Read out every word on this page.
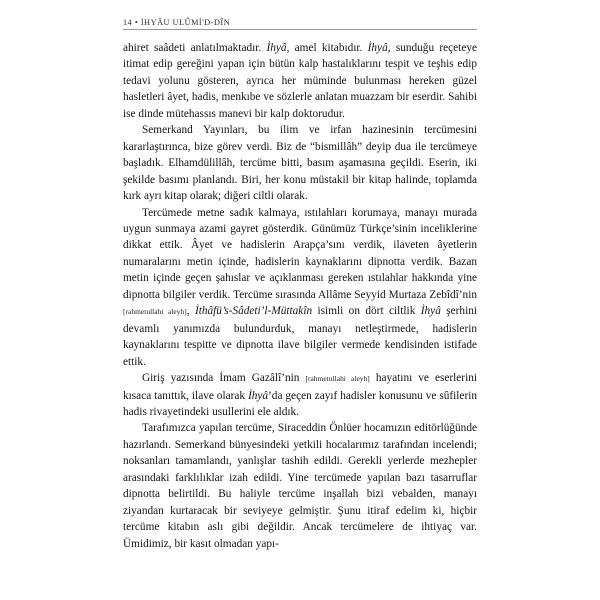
14 • İHYÂU ULÛMİ'D-DÎN

ahiret saâdeti anlatılmaktadır. İhyâ, amel kitabıdır. İhyâ, sunduğu reçeteye itimat edip gereğini yapan için bütün kalp hastalıklarını tespit ve teşhis edip tedavi yolunu gösteren, ayrıca her müminde bulunması hereken güzel hasletleri âyet, hadis, menkıbe ve sözlerle anlatan muazzam bir eserdir. Sahibi ise dinde mütehassıs manevi bir kalp doktorudur.

Semerkand Yayınları, bu ilim ve irfan hazinesinin tercümesini kararlaştırınca, bize görev verdi. Biz de “bismillâh” deyip dua ile tercümeye başladık. Elhamdülillâh, tercüme bitti, basım aşamasına geçildi. Eserin, iki şekilde basımı planlandı. Biri, her konu müstakil bir kitap halinde, toplamda kırk ayrı kitap olarak; diğeri ciltli olarak.

Tercümede metne sadık kalmaya, ıstılahları korumaya, manayı murada uygun sunmaya azami gayret gösterdik. Günümüz Türkçe’sinin inceliklerine dikkat ettik. Âyet ve hadislerin Arapça’sını verdik, ilaveten âyetlerin numaralarını metin içinde, hadislerin kaynaklarını dipnotta verdik. Bazan metin içinde geçen şahıslar ve açıklanması gereken ıstılahlar hakkında yine dipnotta bilgiler verdik. Tercüme sırasında Allâme Seyyid Murtaza Zebîdî’nin [rahmetullahi aleyh], İthâfü’s-Sâdeti’l-Müttakîn isimli on dört ciltlik İhyâ şerhini devamlı yanımızda bulundurduk, manayı netleştirmede, hadislerin kaynaklarını tespitte ve dipnotta ilave bilgiler vermede kendisinden istifade ettik.

Giriş yazısında İmam Gazâlî’nin [rahmetullahi aleyh] hayatını ve eserlerini kısaca tanıttık, ilave olarak İhyâ’da geçen zayıf hadisler konusunu ve sûfilerin hadis rivayetindeki usullerini ele aldık.

Tarafımızca yapılan tercüme, Siraceddin Önlüer hocamızın editörlüğünde hazırlandı. Semerkand bünyesindeki yetkili hocalarımız tarafından incelendi; noksanları tamamlandı, yanlışlar tashih edildi. Gerekli yerlerde mezhepler arasındaki farklılıklar izah edildi. Yine tercümede yapılan bazı tasarruflar dipnotta belirtildi. Bu haliyle tercüme inşallah bizi vebalden, manayı ziyandan kurtaracak bir seviyeye gelmiştir. Şunu itiraf edelim ki, hiçbir tercüme kitabın aslı gibi değildir. Ancak tercümelere de ihtiyaç var. Ümidimiz, bir kasıt olmadan yapı-
